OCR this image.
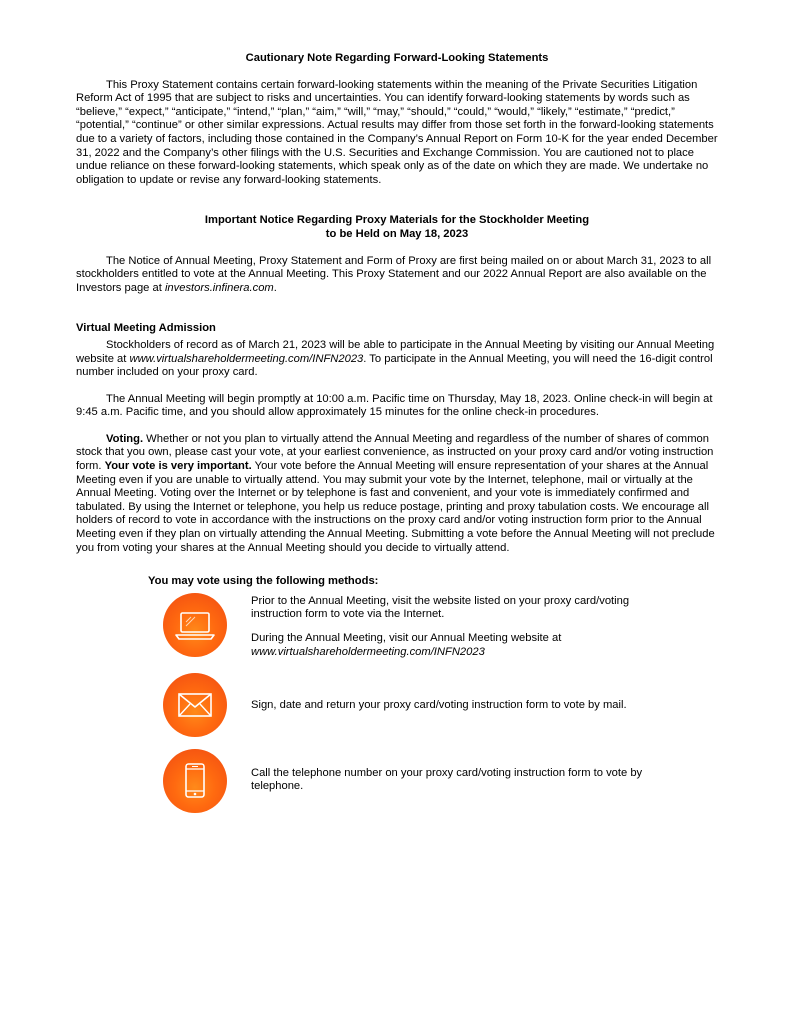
Cautionary Note Regarding Forward-Looking Statements

This Proxy Statement contains certain forward-looking statements within the meaning of the Private Securities Litigation Reform Act of 1995 that are subject to risks and uncertainties. You can identify forward-looking statements by words such as “believe,” “expect,” “anticipate,” “intend,” “plan,” “aim,” “will,” “may,” “should,” “could,” “would,” “likely,” “estimate,” “predict,” “potential,” “continue” or other similar expressions. Actual results may differ from those set forth in the forward-looking statements due to a variety of factors, including those contained in the Company’s Annual Report on Form 10-K for the year ended December 31, 2022 and the Company’s other filings with the U.S. Securities and Exchange Commission. You are cautioned not to place undue reliance on these forward-looking statements, which speak only as of the date on which they are made. We undertake no obligation to update or revise any forward-looking statements.

Important Notice Regarding Proxy Materials for the Stockholder Meeting

to be Held on May 18, 2023

The Notice of Annual Meeting, Proxy Statement and Form of Proxy are first being mailed on or about March 31, 2023 to all stockholders entitled to vote at the Annual Meeting. This Proxy Statement and our 2022 Annual Report are also available on the Investors page at investors.infinera.com.

Virtual Meeting Admission

Stockholders of record as of March 21, 2023 will be able to participate in the Annual Meeting by visiting our Annual Meeting website at www.virtualshareholdermeeting.com/INFN2023. To participate in the Annual Meeting, you will need the 16-digit control number included on your proxy card.

The Annual Meeting will begin promptly at 10:00 a.m. Pacific time on Thursday, May 18, 2023. Online check-in will begin at 9:45 a.m. Pacific time, and you should allow approximately 15 minutes for the online check-in procedures.

Voting. Whether or not you plan to virtually attend the Annual Meeting and regardless of the number of shares of common stock that you own, please cast your vote, at your earliest convenience, as instructed on your proxy card and/or voting instruction form. Your vote is very important. Your vote before the Annual Meeting will ensure representation of your shares at the Annual Meeting even if you are unable to virtually attend. You may submit your vote by the Internet, telephone, mail or virtually at the Annual Meeting. Voting over the Internet or by telephone is fast and convenient, and your vote is immediately confirmed and tabulated. By using the Internet or telephone, you help us reduce postage, printing and proxy tabulation costs. We encourage all holders of record to vote in accordance with the instructions on the proxy card and/or voting instruction form prior to the Annual Meeting even if they plan on virtually attending the Annual Meeting. Submitting a vote before the Annual Meeting will not preclude you from voting your shares at the Annual Meeting should you decide to virtually attend.

You may vote using the following methods:

Prior to the Annual Meeting, visit the website listed on your proxy card/voting instruction form to vote via the Internet.

During the Annual Meeting, visit our Annual Meeting website at

www.virtualshareholdermeeting.com/INFN2023

Sign, date and return your proxy card/voting instruction form to vote by mail.
Call the telephone number on your proxy card/voting instruction form to vote by telephone.
